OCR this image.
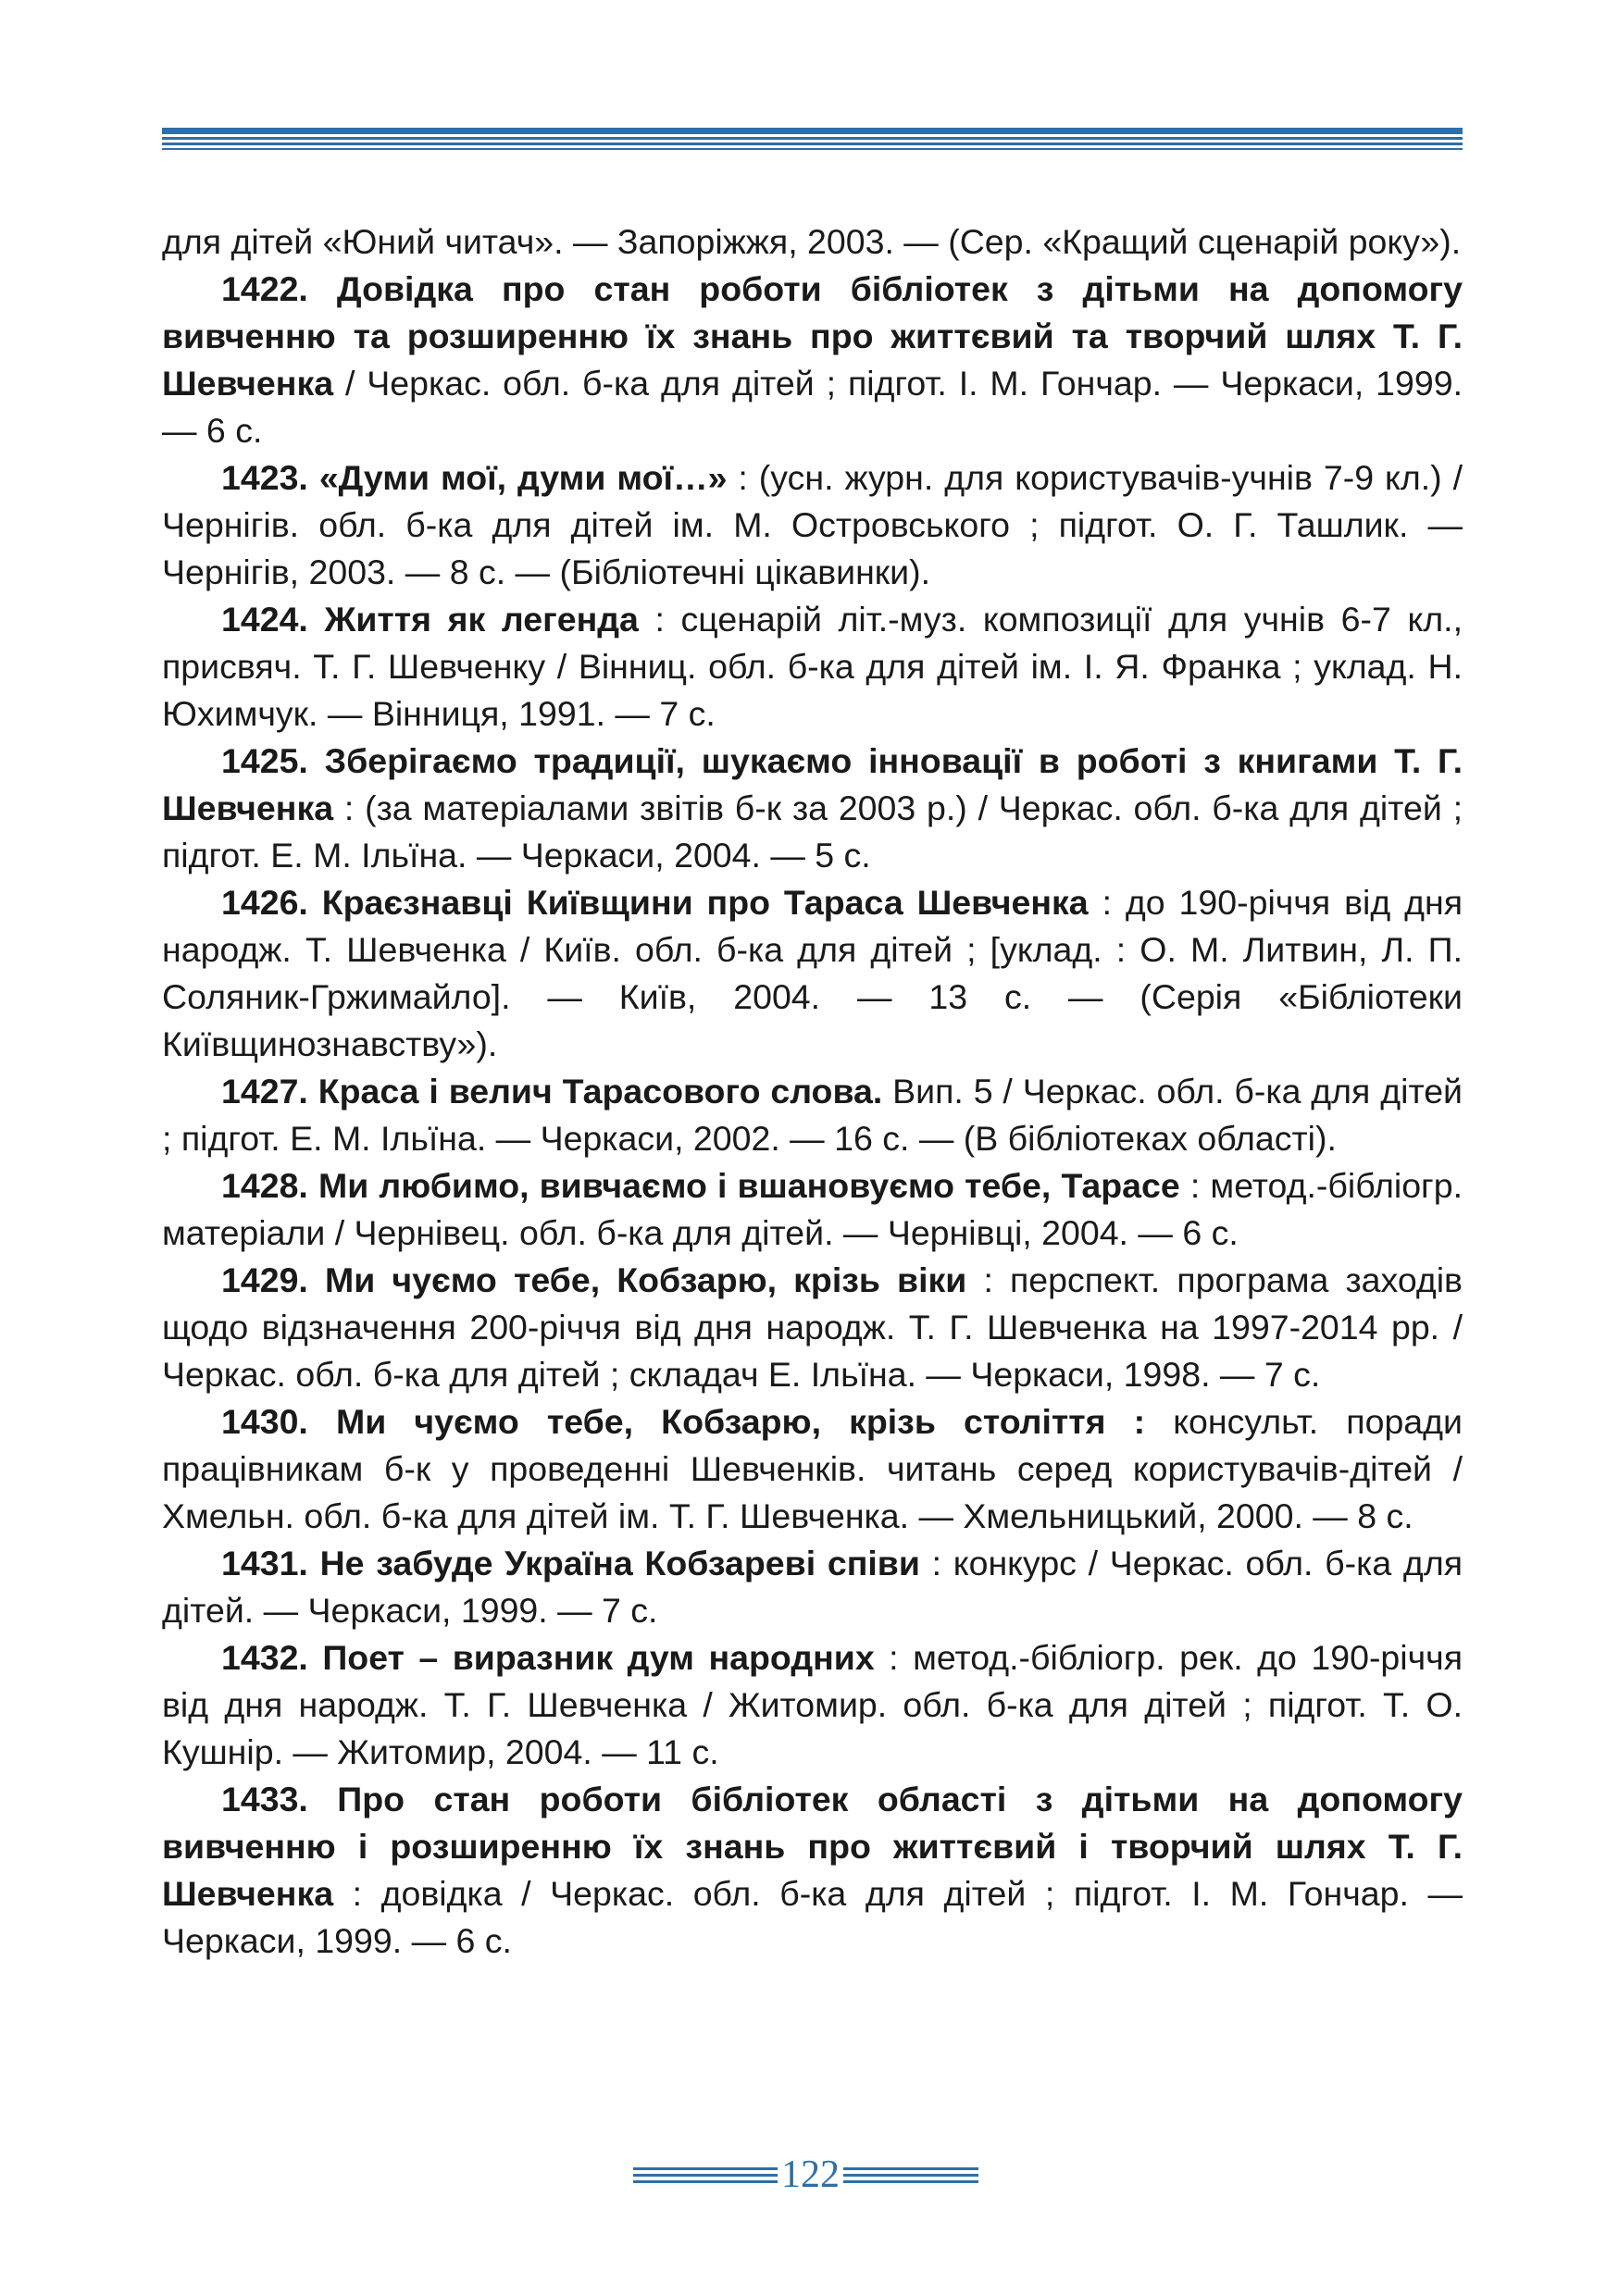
для дітей «Юний читач». — Запоріжжя, 2003. — (Сер. «Кращий сценарій року»).

1422. Довідка про стан роботи бібліотек з дітьми на допомогу вивченню та розширенню їх знань про життєвий та творчий шлях Т. Г. Шевченка / Черкас. обл. б-ка для дітей ; підгот. І. М. Гончар. — Черкаси, 1999. — 6 с.

1423. «Думи мої, думи мої…» : (усн. журн. для користувачів-учнів 7-9 кл.) / Чернігів. обл. б-ка для дітей ім. М. Островського ; підгот. О. Г. Ташлик. — Чернігів, 2003. — 8 с. — (Бібліотечні цікавинки).

1424. Життя як легенда : сценарій літ.-муз. композиції для учнів 6-7 кл., присвяч. Т. Г. Шевченку / Вінниц. обл. б-ка для дітей ім. І. Я. Франка ; уклад. Н. Юхимчук. — Вінниця, 1991. — 7 с.

1425. Зберігаємо традиції, шукаємо інновації в роботі з книгами Т. Г. Шевченка : (за матеріалами звітів б-к за 2003 р.) / Черкас. обл. б-ка для дітей ; підгот. Е. М. Ільїна. — Черкаси, 2004. — 5 с.

1426. Краєзнавці Київщини про Тараса Шевченка : до 190-річчя від дня народж. Т. Шевченка / Київ. обл. б-ка для дітей ; [уклад. : О. М. Литвин, Л. П. Соляник-Гржимайло]. — Київ, 2004. — 13 с. — (Серія «Бібліотеки Київщинознавству»).

1427. Краса і велич Тарасового слова. Вип. 5 / Черкас. обл. б-ка для дітей ; підгот. Е. М. Ільїна. — Черкаси, 2002. — 16 с. — (В бібліотеках області).

1428. Ми любимо, вивчаємо і вшановуємо тебе, Тарасе : метод.-бібліогр. матеріали / Чернівец. обл. б-ка для дітей. — Чернівці, 2004. — 6 с.

1429. Ми чуємо тебе, Кобзарю, крізь віки : перспект. програма заходів щодо відзначення 200-річчя від дня народж. Т. Г. Шевченка на 1997-2014 рр. / Черкас. обл. б-ка для дітей ; складач Е. Ільїна. — Черкаси, 1998. — 7 с.

1430. Ми чуємо тебе, Кобзарю, крізь століття : консульт. поради працівникам б-к у проведенні Шевченків. читань серед користувачів-дітей / Хмельн. обл. б-ка для дітей ім. Т. Г. Шевченка. — Хмельницький, 2000. — 8 с.

1431. Не забуде Україна Кобзареві співи : конкурс / Черкас. обл. б-ка для дітей. — Черкаси, 1999. — 7 с.

1432. Поет – виразник дум народних : метод.-бібліогр. рек. до 190-річчя від дня народж. Т. Г. Шевченка / Житомир. обл. б-ка для дітей ; підгот. Т. О. Кушнір. — Житомир, 2004. — 11 с.

1433. Про стан роботи бібліотек області з дітьми на допомогу вивченню і розширенню їх знань про життєвий і творчий шлях Т. Г. Шевченка : довідка / Черкас. обл. б-ка для дітей ; підгот. І. М. Гончар. — Черкаси, 1999. — 6 с.

122
